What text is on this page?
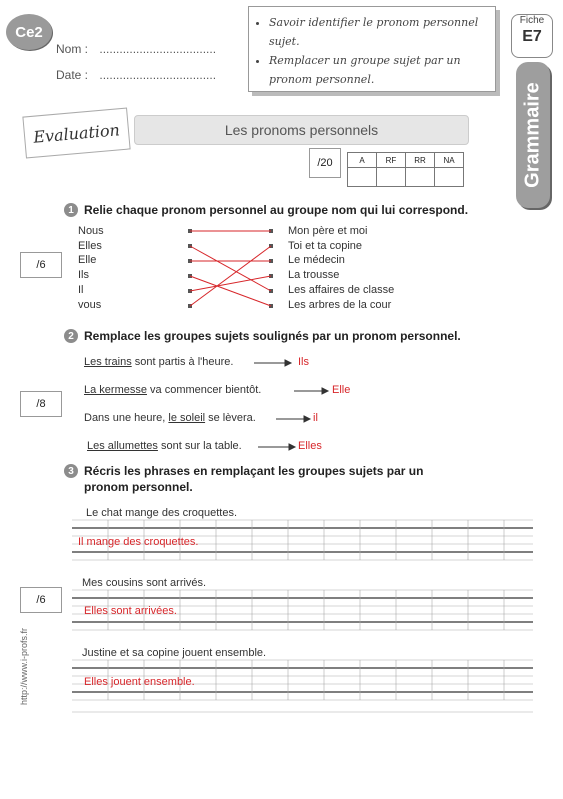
Ce2
Nom : ...................................
Date : ...................................
• Savoir identifier le pronom personnel sujet.
• Remplacer un groupe sujet par un pronom personnel.
Fiche
E7
Grammaire
Evaluation	Les pronoms personnels
/20	A	RF	RR	NA

1 Relie chaque pronom personnel au groupe nom qui lui correspond.
/6
Nous
Elles
Elle
Ils
Il
vous
Mon père et moi
Toi et ta copine
Le médecin
La trousse
Les affaires de classe
Les arbres de la cour
2 Remplace les groupes sujets soulignés par un pronom personnel.
/8
Les trains sont partis à l'heure.
La kermesse va commencer bientôt.
Dans une heure, le soleil se lèvera.
Les allumettes sont sur la table.
Ils
Elle
il
Elles
3 Récris les phrases en remplaçant les groupes sujets par un
pronom personnel.
/6
Le chat mange des croquettes.
Il mange des croquettes.
Mes cousins sont arrivés.
Elles sont arrivées.
Justine et sa copine jouent ensemble.
Elles jouent ensemble.
http://www.i-profs.fr
